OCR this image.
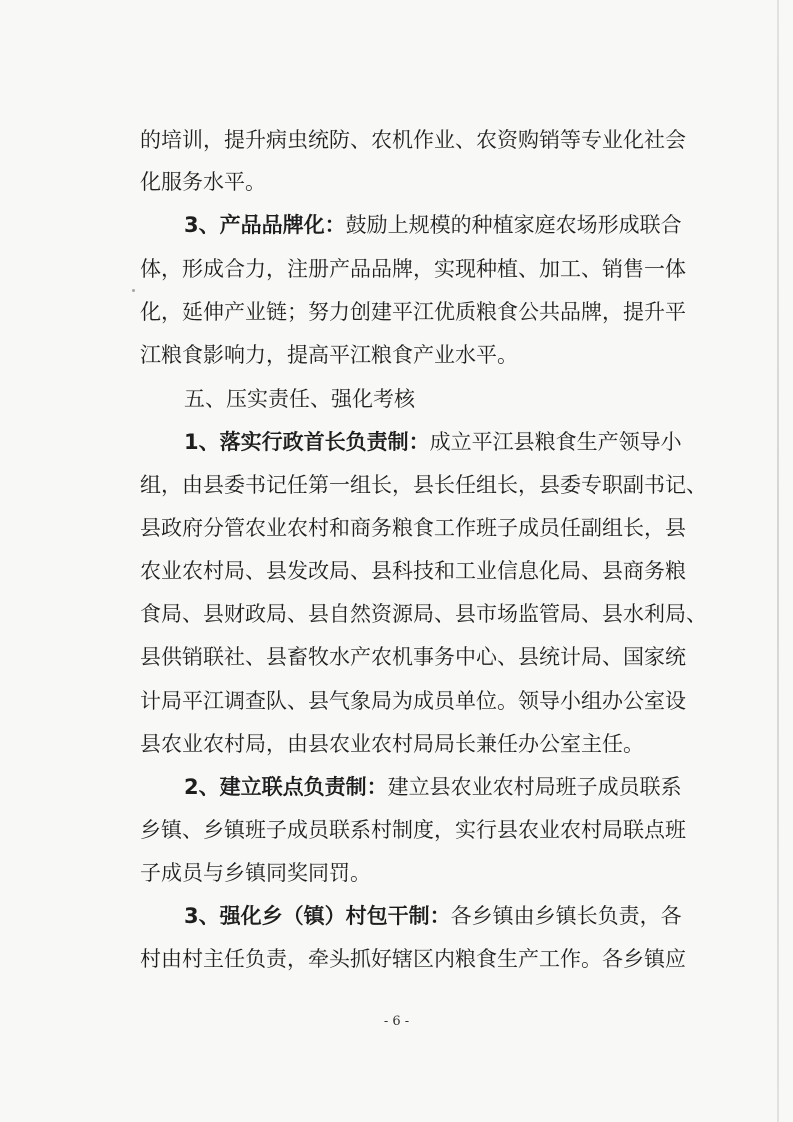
的培训，提升病虫统防、农机作业、农资购销等专业化社会
化服务水平。
3、产品品牌化：鼓励上规模的种植家庭农场形成联合
体，形成合力，注册产品品牌，实现种植、加工、销售一体
化，延伸产业链；努力创建平江优质粮食公共品牌，提升平
江粮食影响力，提高平江粮食产业水平。
五、压实责任、强化考核
1、落实行政首长负责制：成立平江县粮食生产领导小
组，由县委书记任第一组长，县长任组长，县委专职副书记、
县政府分管农业农村和商务粮食工作班子成员任副组长，县
农业农村局、县发改局、县科技和工业信息化局、县商务粮
食局、县财政局、县自然资源局、县市场监管局、县水利局、
县供销联社、县畜牧水产农机事务中心、县统计局、国家统
计局平江调查队、县气象局为成员单位。领导小组办公室设
县农业农村局，由县农业农村局局长兼任办公室主任。
2、建立联点负责制：建立县农业农村局班子成员联系
乡镇、乡镇班子成员联系村制度，实行县农业农村局联点班
子成员与乡镇同奖同罚。
3、强化乡（镇）村包干制：各乡镇由乡镇长负责，各
村由村主任负责，牵头抓好辖区内粮食生产工作。各乡镇应
- 6 -
